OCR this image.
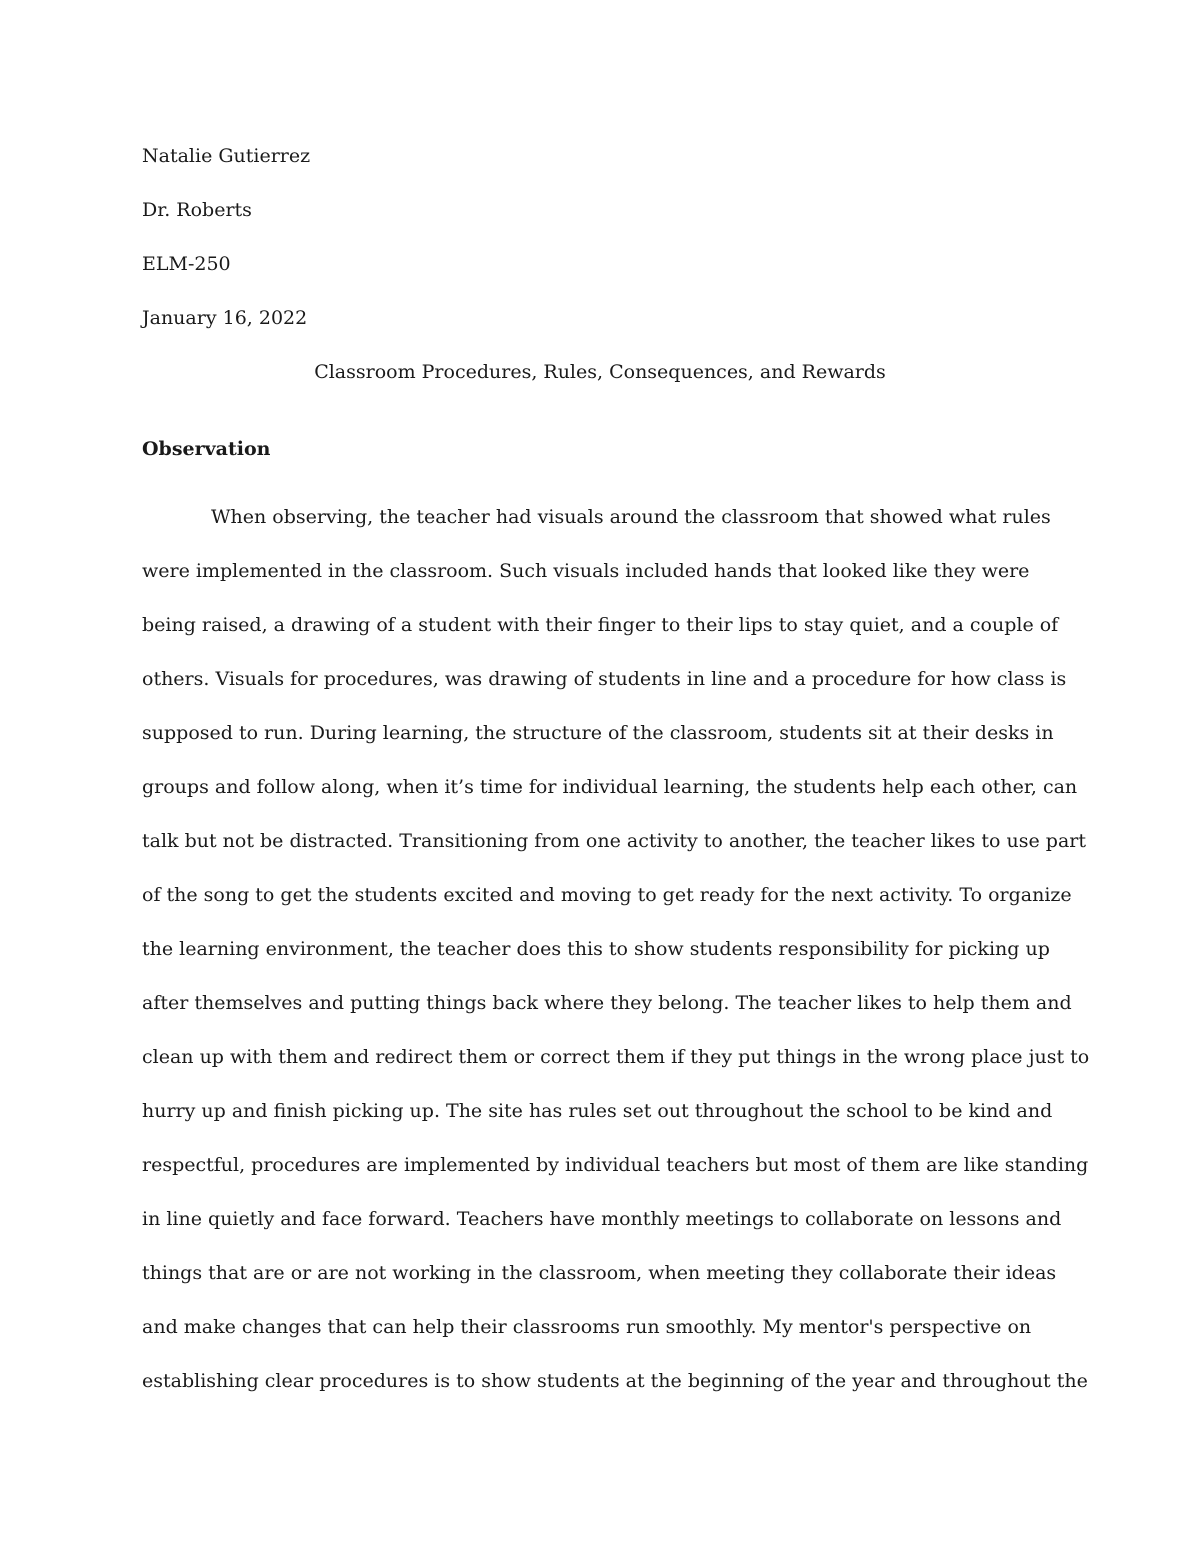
Natalie Gutierrez
Dr. Roberts
ELM-250
January 16, 2022
Classroom Procedures, Rules, Consequences, and Rewards
Observation
When observing, the teacher had visuals around the classroom that showed what rules
were implemented in the classroom. Such visuals included hands that looked like they were
being raised, a drawing of a student with their finger to their lips to stay quiet, and a couple of
others. Visuals for procedures, was drawing of students in line and a procedure for how class is
supposed to run. During learning, the structure of the classroom, students sit at their desks in
groups and follow along, when it’s time for individual learning, the students help each other, can
talk but not be distracted. Transitioning from one activity to another, the teacher likes to use part
of the song to get the students excited and moving to get ready for the next activity. To organize
the learning environment, the teacher does this to show students responsibility for picking up
after themselves and putting things back where they belong. The teacher likes to help them and
clean up with them and redirect them or correct them if they put things in the wrong place just to
hurry up and finish picking up. The site has rules set out throughout the school to be kind and
respectful, procedures are implemented by individual teachers but most of them are like standing
in line quietly and face forward. Teachers have monthly meetings to collaborate on lessons and
things that are or are not working in the classroom, when meeting they collaborate their ideas
and make changes that can help their classrooms run smoothly. My mentor's perspective on
establishing clear procedures is to show students at the beginning of the year and throughout the
